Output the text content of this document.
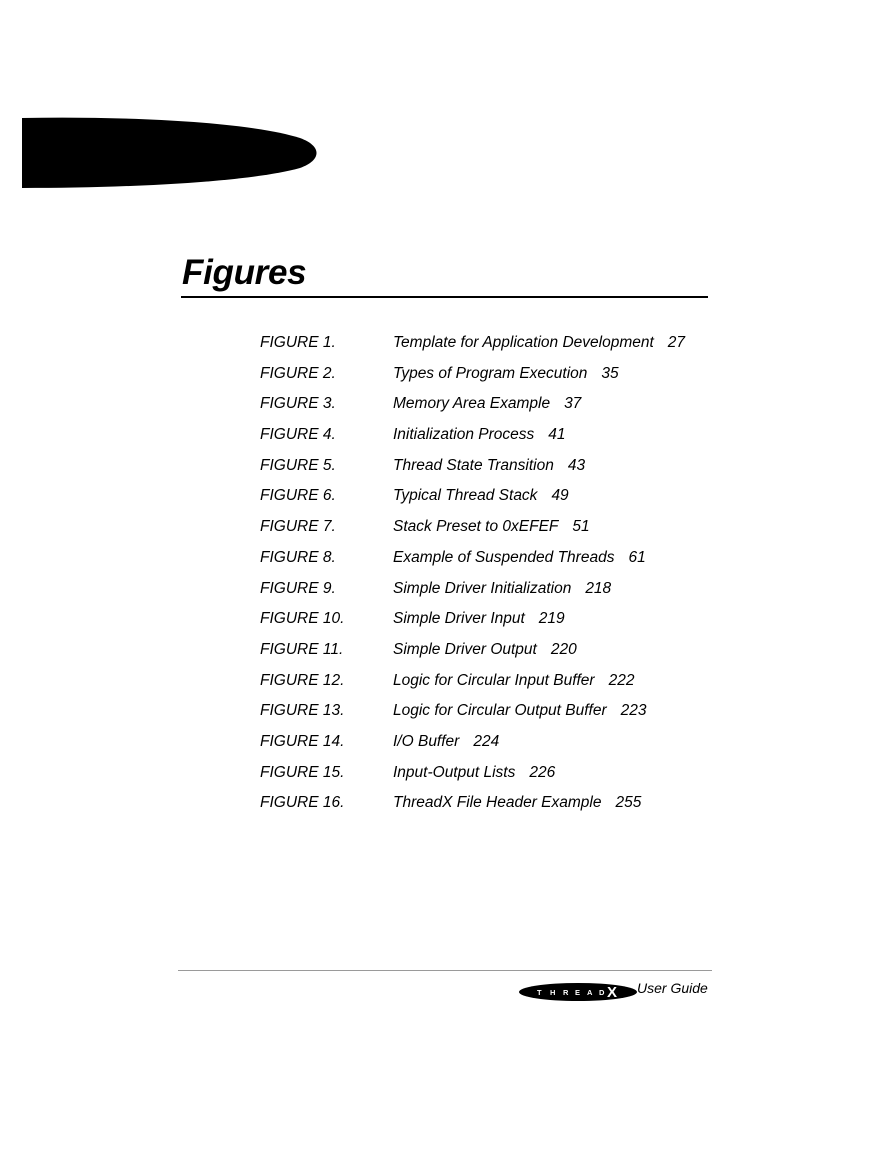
Figures
FIGURE 1.	Template for Application Development 27
FIGURE 2.	Types of Program Execution 35
FIGURE 3.	Memory Area Example 37
FIGURE 4.	Initialization Process 41
FIGURE 5.	Thread State Transition 43
FIGURE 6.	Typical Thread Stack 49
FIGURE 7.	Stack Preset to 0xEFEF 51
FIGURE 8.	Example of Suspended Threads 61
FIGURE 9.	Simple Driver Initialization 218
FIGURE 10.	Simple Driver Input 219
FIGURE 11.	Simple Driver Output 220
FIGURE 12.	Logic for Circular Input Buffer 222
FIGURE 13.	Logic for Circular Output Buffer 223
FIGURE 14.	I/O Buffer 224
FIGURE 15.	Input-Output Lists 226
FIGURE 16.	ThreadX File Header Example 255
T H R E A D X User Guide
